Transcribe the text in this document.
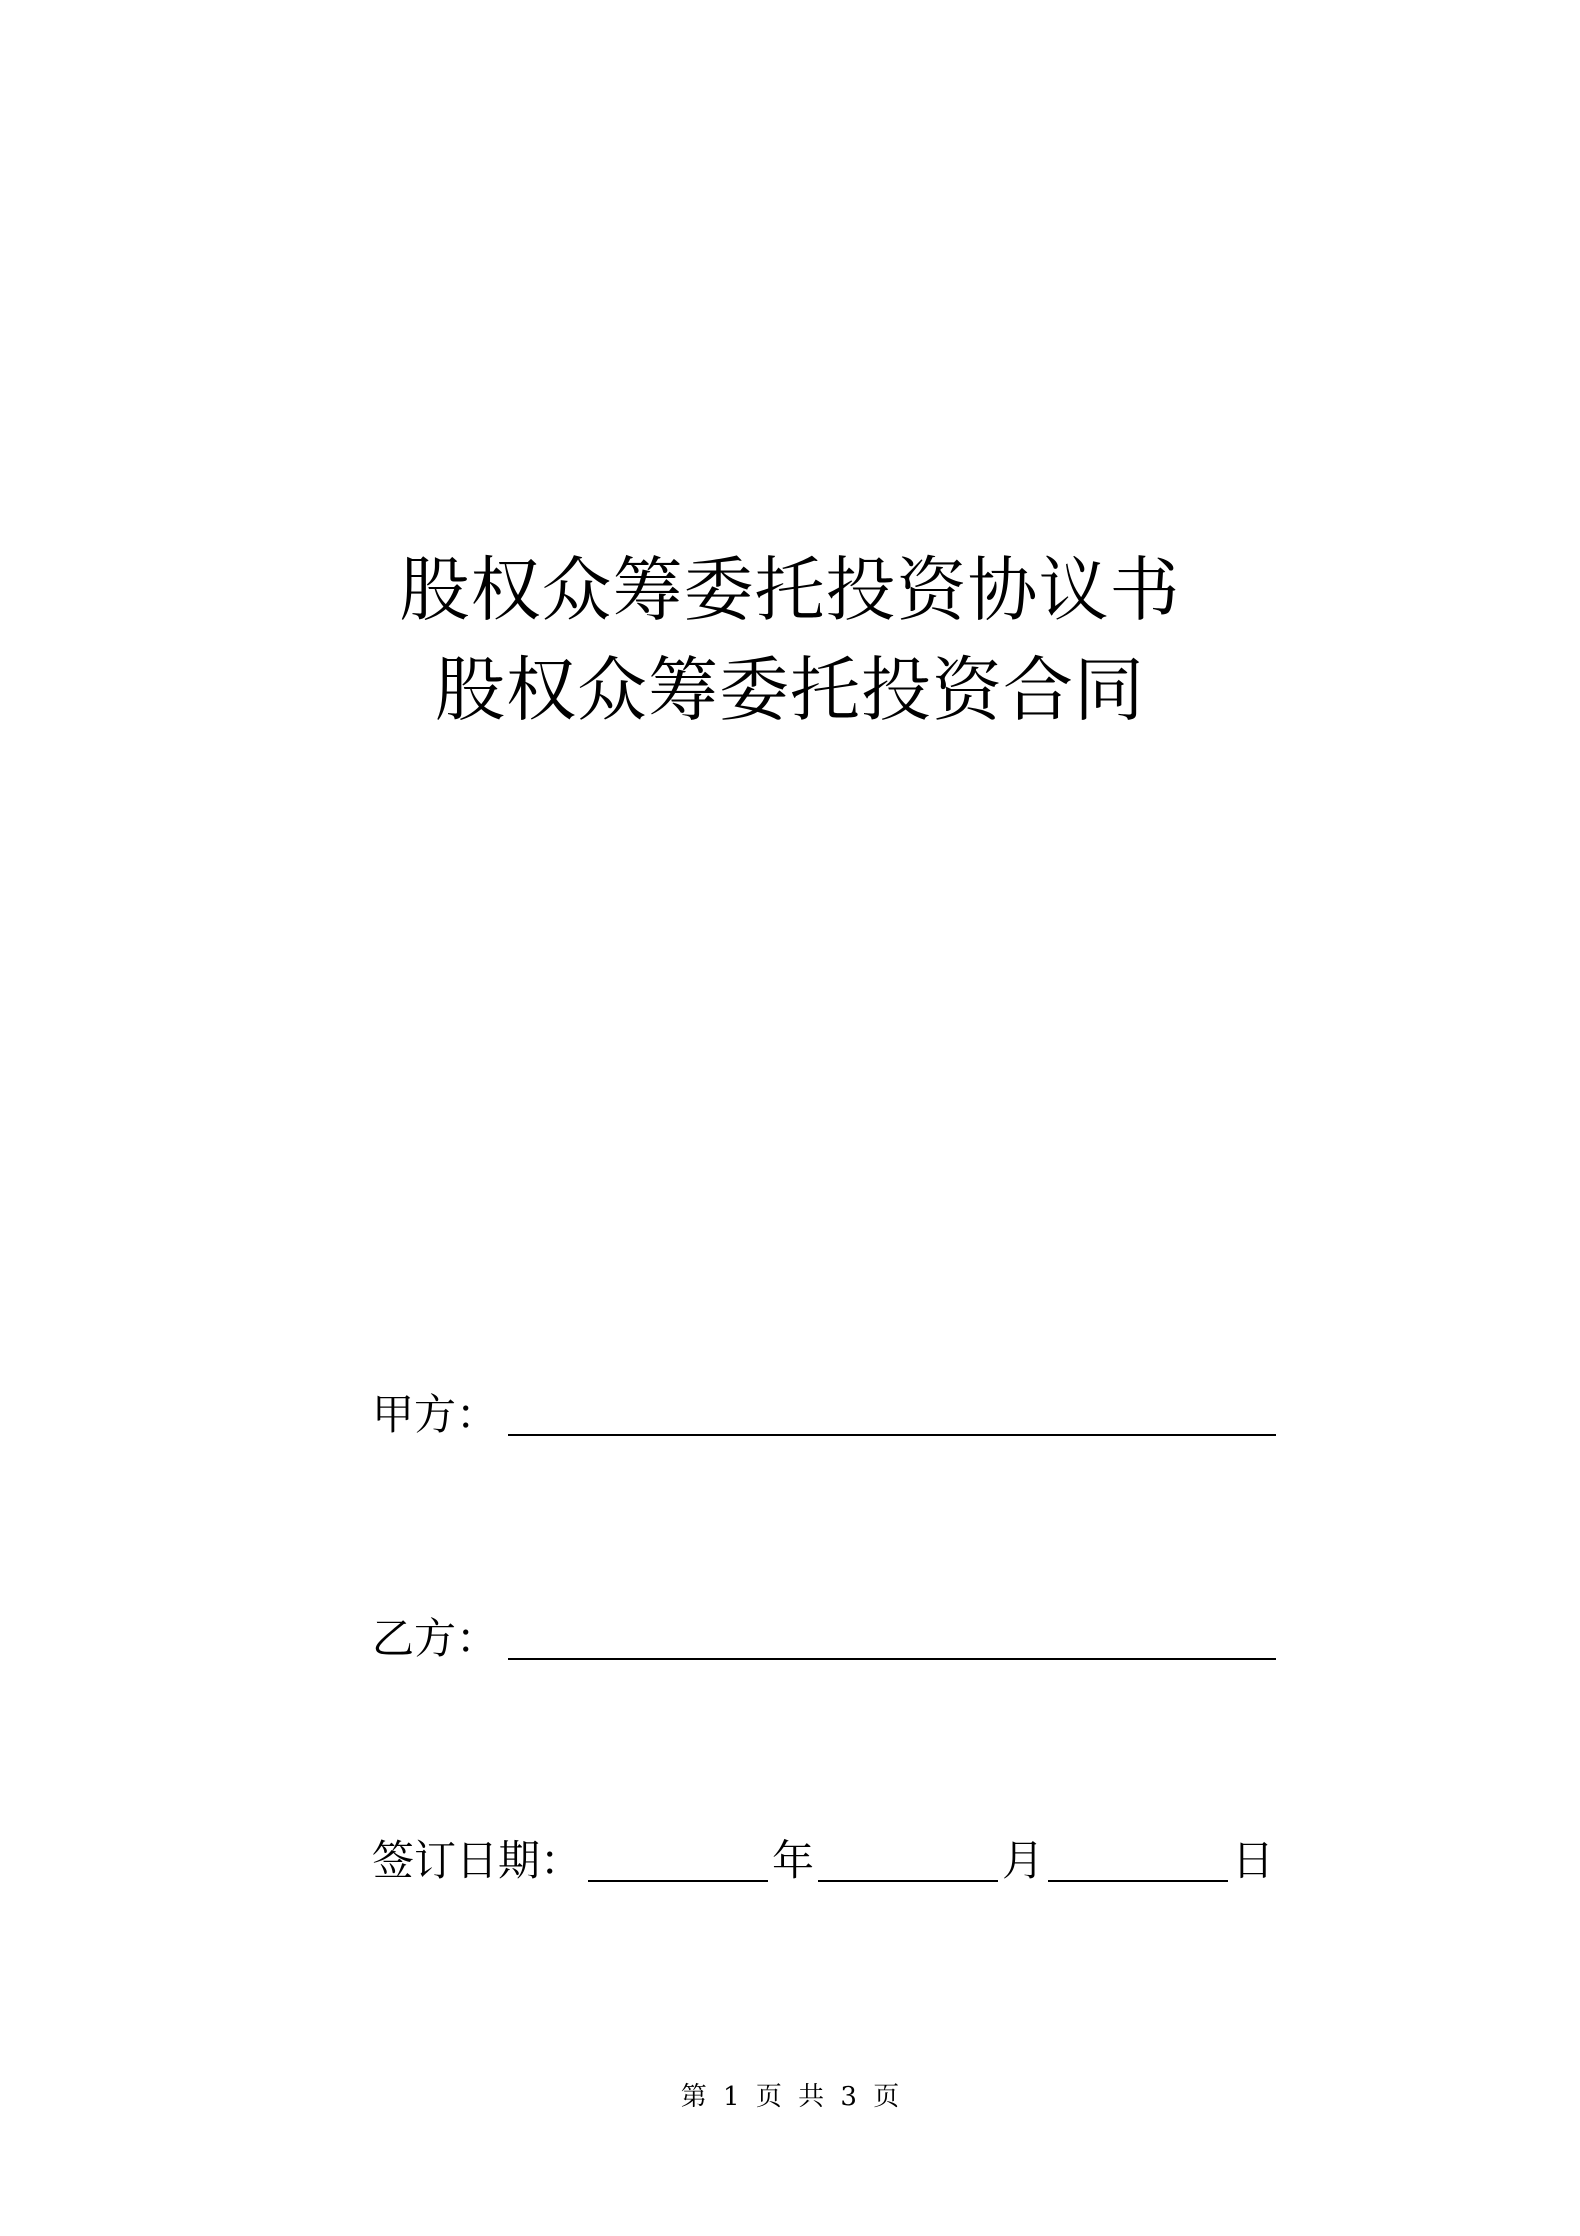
股权众筹委托投资协议书
股权众筹委托投资合同
甲方：
乙方：
签订日期：	年	月	日
第 1 页 共 3 页
